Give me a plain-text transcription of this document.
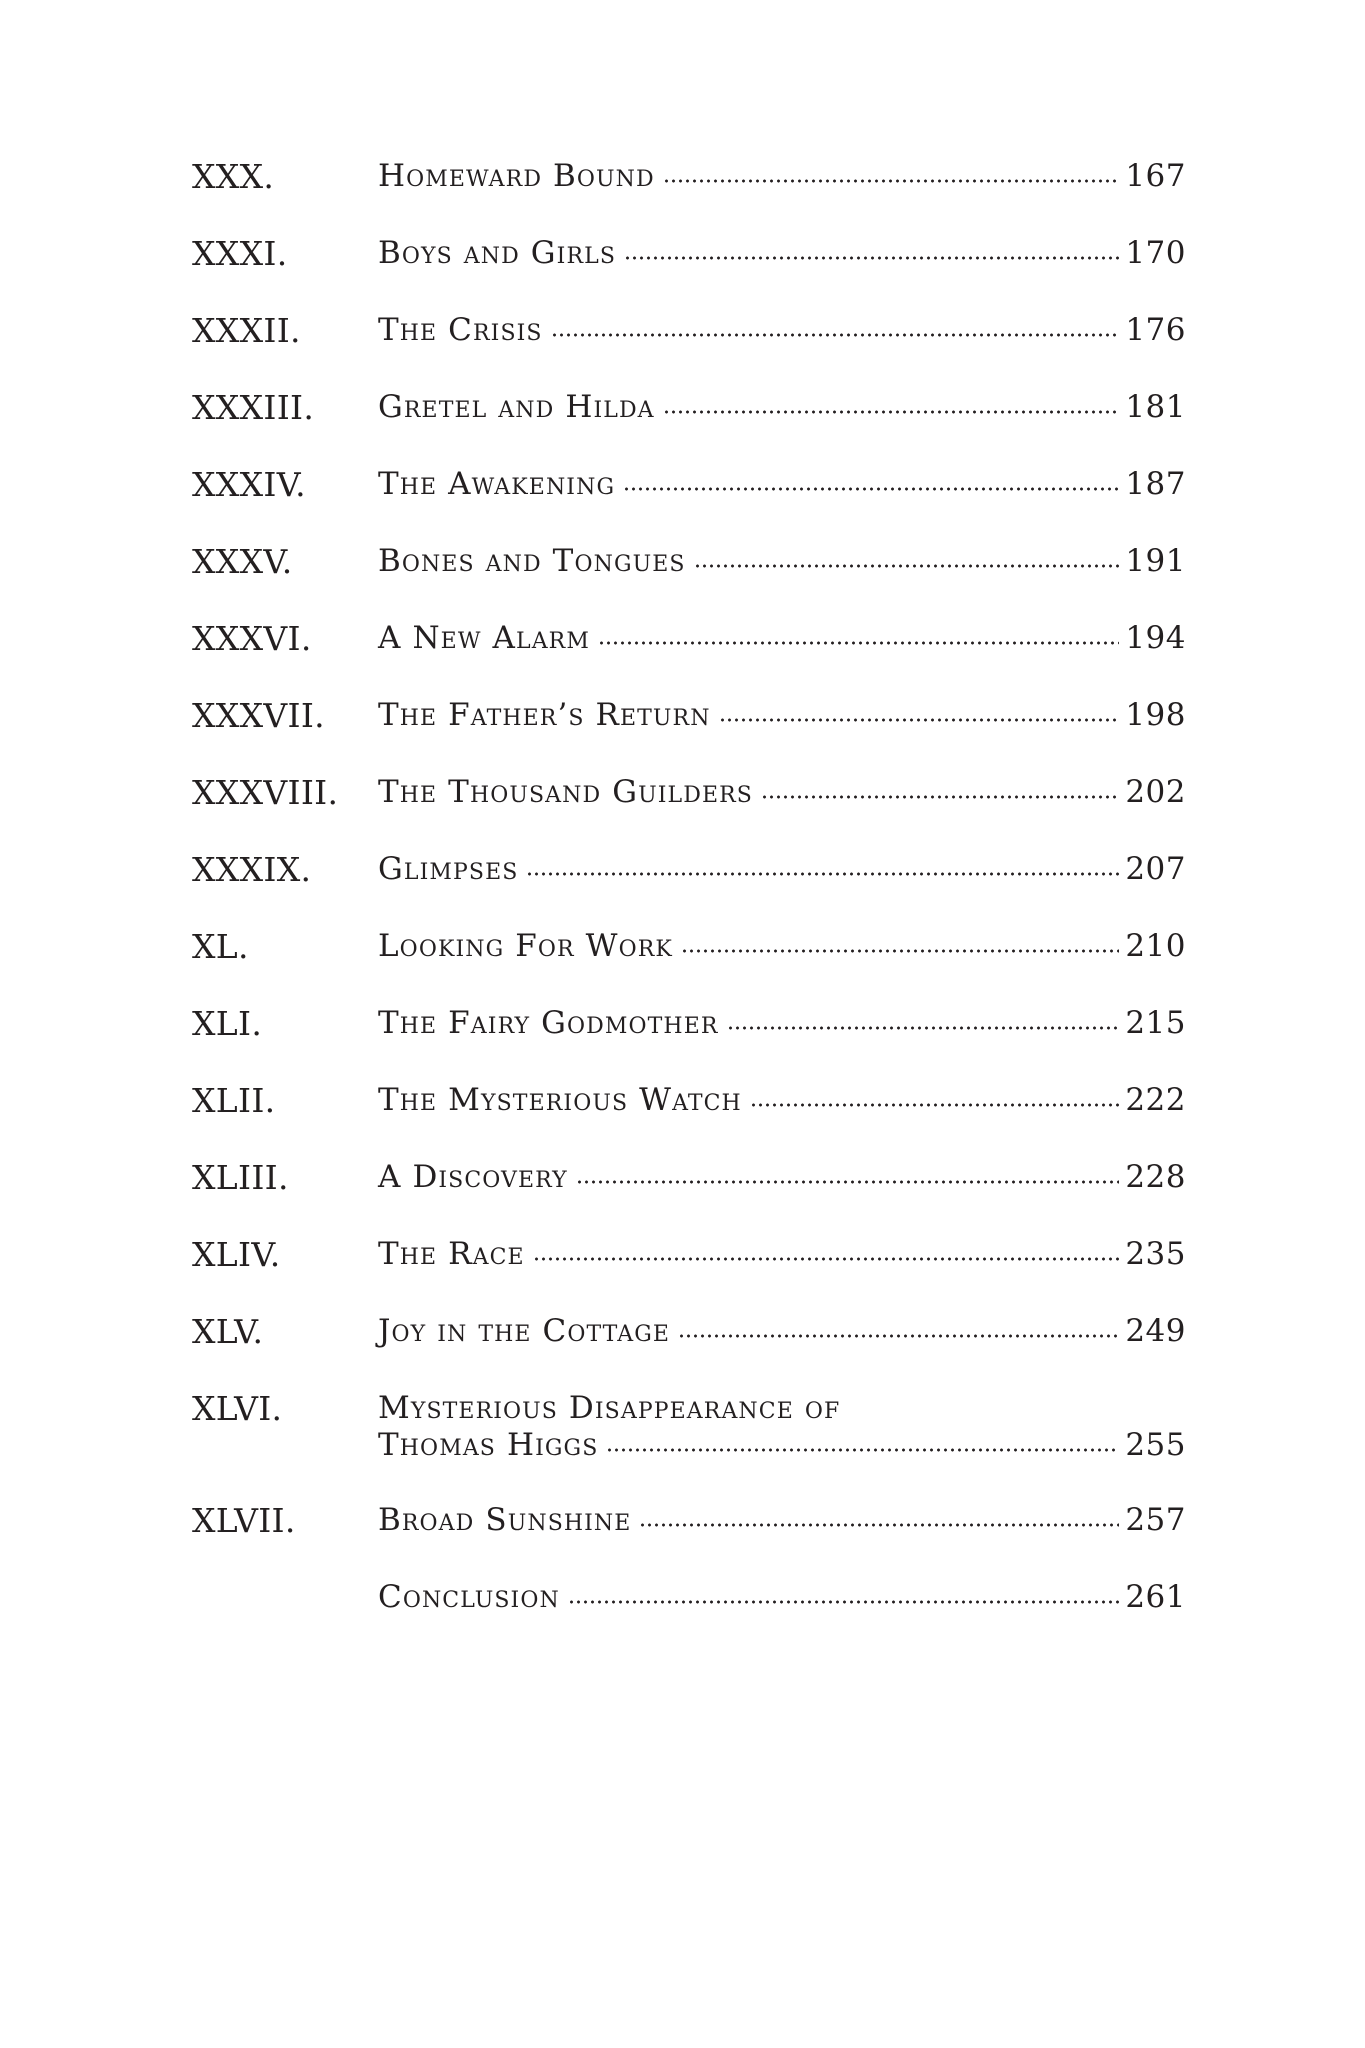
XXX.	Homeward Bound	167
XXXI.	Boys and Girls	170
XXXII.	The Crisis	176
XXXIII.	Gretel and Hilda	181
XXXIV.	The Awakening	187
XXXV.	Bones and Tongues	191
XXXVI.	A New Alarm	194
XXXVII.	The Father’s Return	198
XXXVIII.	The Thousand Guilders	202
XXXIX.	Glimpses	207
XL.	Looking For Work	210
XLI.	The Fairy Godmother	215
XLII.	The Mysterious Watch	222
XLIII.	A Discovery	228
XLIV.	The Race	235
XLV.	Joy in the Cottage	249
XLVI.	Mysterious Disappearance of
Thomas Higgs	255
XLVII.	Broad Sunshine	257
Conclusion	261
